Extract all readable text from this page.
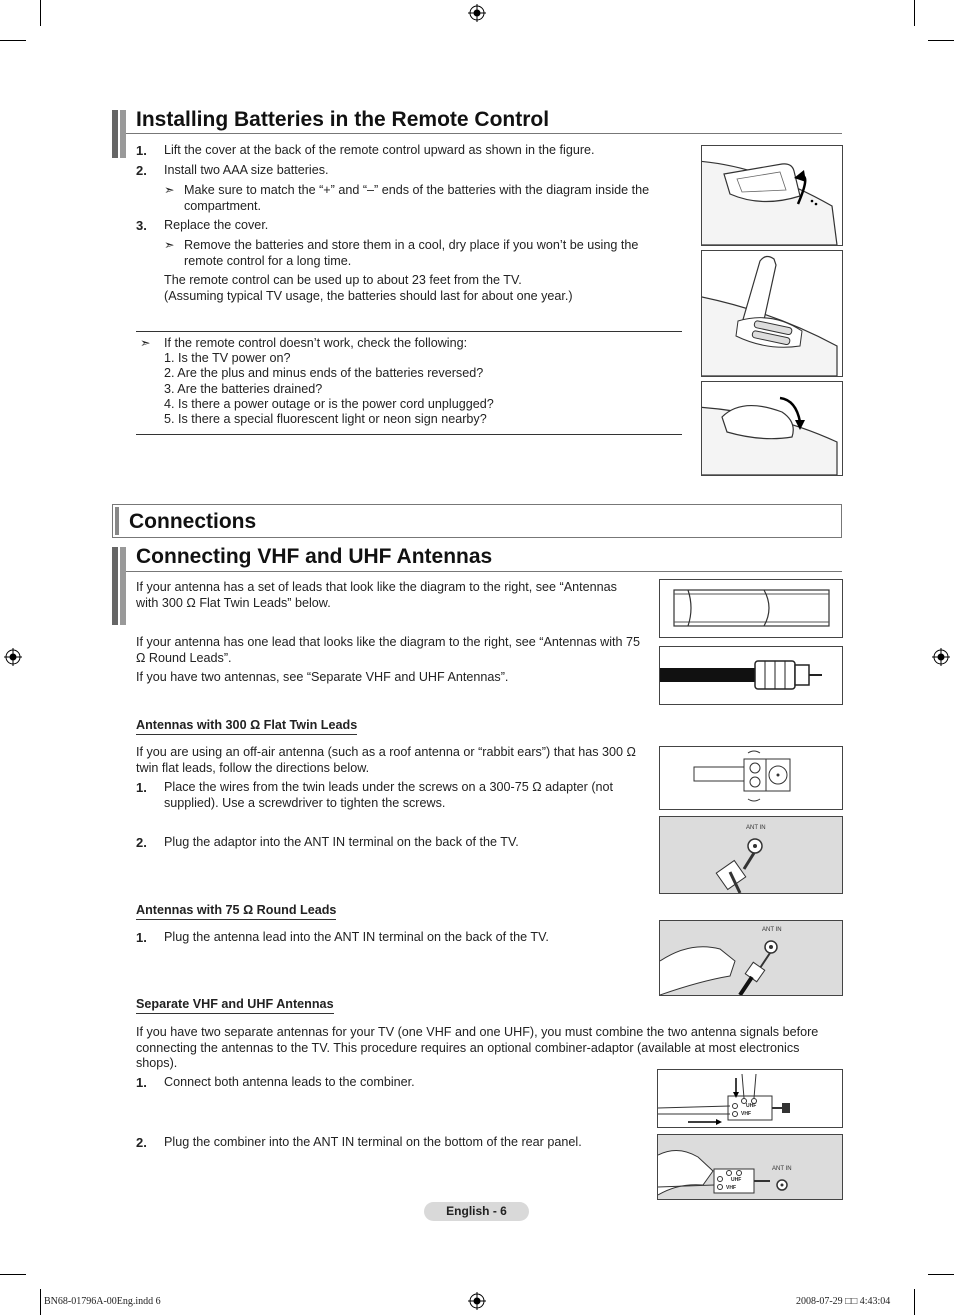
Installing Batteries in the Remote Control
1. Lift the cover at the back of the remote control upward as shown in the figure.
2. Install two AAA size batteries.
➣ Make sure to match the “+” and “–” ends of the batteries with the diagram inside the compartment.
3. Replace the cover.
➣ Remove the batteries and store them in a cool, dry place if you won’t be using the remote control for a long time.
The remote control can be used up to about 23 feet from the TV.
(Assuming typical TV usage, the batteries should last for about one year.)
➣ If the remote control doesn’t work, check the following:
1. Is the TV power on?
2. Are the plus and minus ends of the batteries reversed?
3. Are the batteries drained?
4. Is there a power outage or is the power cord unplugged?
5. Is there a special fluorescent light or neon sign nearby?
Connections
Connecting VHF and UHF Antennas
If your antenna has a set of leads that look like the diagram to the right, see “Antennas with 300 Ω Flat Twin Leads” below.
If your antenna has one lead that looks like the diagram to the right, see “Antennas with 75 Ω Round Leads”.
If you have two antennas, see “Separate VHF and UHF Antennas”.
Antennas with 300 Ω Flat Twin Leads
If you are using an off-air antenna (such as a roof antenna or “rabbit ears”) that has 300 Ω twin flat leads, follow the directions below.
1. Place the wires from the twin leads under the screws on a 300-75 Ω adapter (not supplied). Use a screwdriver to tighten the screws.
2. Plug the adaptor into the ANT IN terminal on the back of the TV.
ANT IN
Antennas with 75 Ω Round Leads
1. Plug the antenna lead into the ANT IN terminal on the back of the TV.	ANT IN
Separate VHF and UHF Antennas
If you have two separate antennas for your TV (one VHF and one UHF), you must combine the two antenna signals before connecting the antennas to the TV. This procedure requires an optional combiner-adaptor (available at most electronics shops).
1. Connect both antenna leads to the combiner.
2. Plug the combiner into the ANT IN terminal on the bottom of the rear panel.
UHF
VHF
ANT IN
UHF
VHF
English - 6
BN68-01796A-00Eng.indd 6	2008-07-29 □□ 4:43:04
